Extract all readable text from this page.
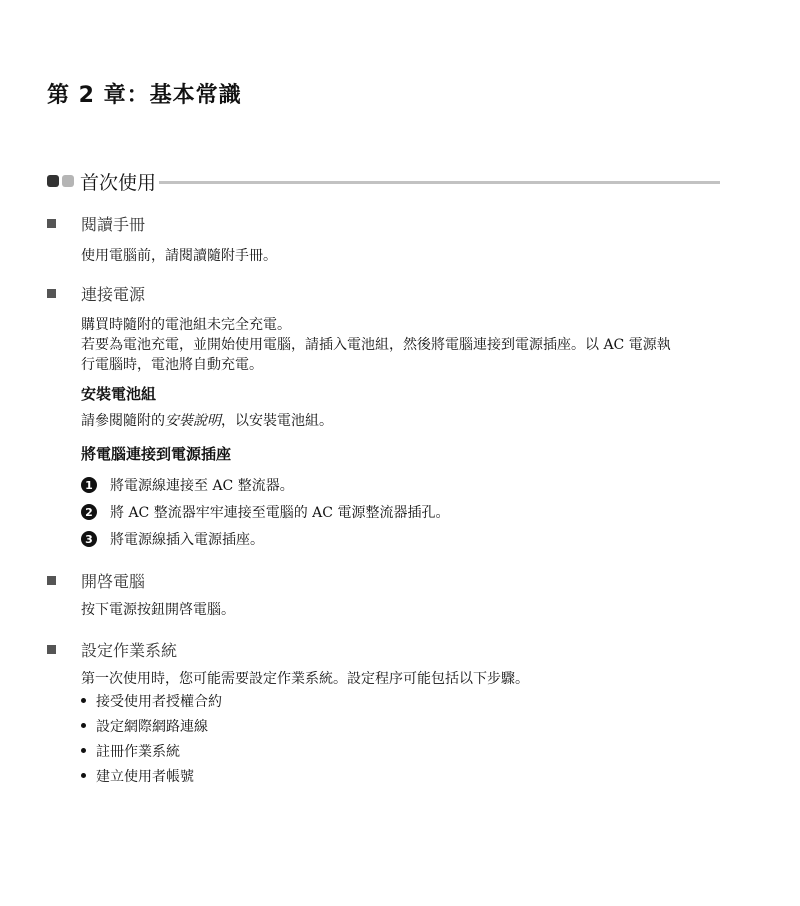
第 2 章：基本常識
首次使用
閱讀手冊

使用電腦前，請閱讀隨附手冊。

連接電源

購買時隨附的電池組未完全充電。

若要為電池充電，並開始使用電腦，請插入電池組，然後將電腦連接到電源插座。以 AC 電源執

行電腦時，電池將自動充電。

安裝電池組

請參閱隨附的安裝說明，以安裝電池組。

將電腦連接到電源插座

1 將電源線連接至 AC 整流器。
2 將 AC 整流器牢牢連接至電腦的 AC 電源整流器插孔。
3 將電源線插入電源插座。
開啓電腦

按下電源按鈕開啓電腦。

設定作業系統

第一次使用時，您可能需要設定作業系統。設定程序可能包括以下步驟。

接受使用者授權合約
設定網際網路連線
註冊作業系統
建立使用者帳號
